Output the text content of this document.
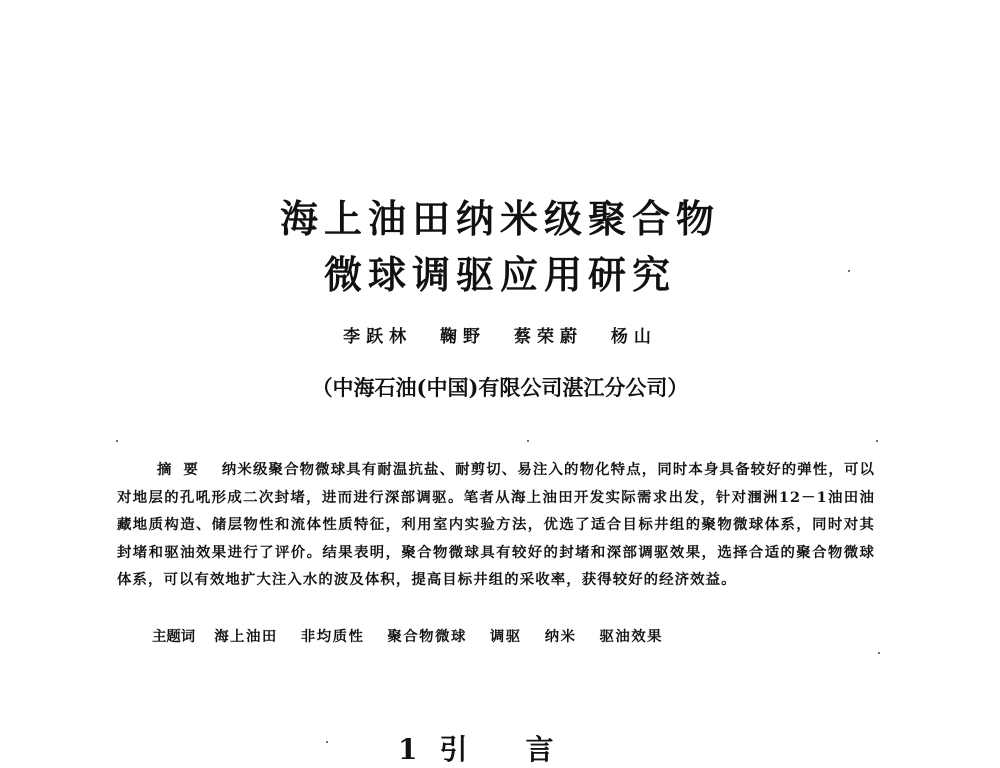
海上油田纳米级聚合物
微球调驱应用研究
李跃林 鞠野 蔡荣蔚 杨山
（中海石油(中国)有限公司湛江分公司）

摘要 纳米级聚合物微球具有耐温抗盐、耐剪切、易注入的物化特点，同时本身具备较好的弹性，可以对地层的孔吼形成二次封堵，进而进行深部调驱。笔者从海上油田开发实际需求出发，针对涠洲12－1油田油藏地质构造、储层物性和流体性质特征，利用室内实验方法，优选了适合目标井组的聚物微球体系，同时对其封堵和驱油效果进行了评价。结果表明，聚合物微球具有较好的封堵和深部调驱效果，选择合适的聚合物微球体系，可以有效地扩大注入水的波及体积，提高目标井组的采收率，获得较好的经济效益。

主题词 海上油田 非均质性 聚合物微球 调驱 纳米 驱油效果
1 引言
